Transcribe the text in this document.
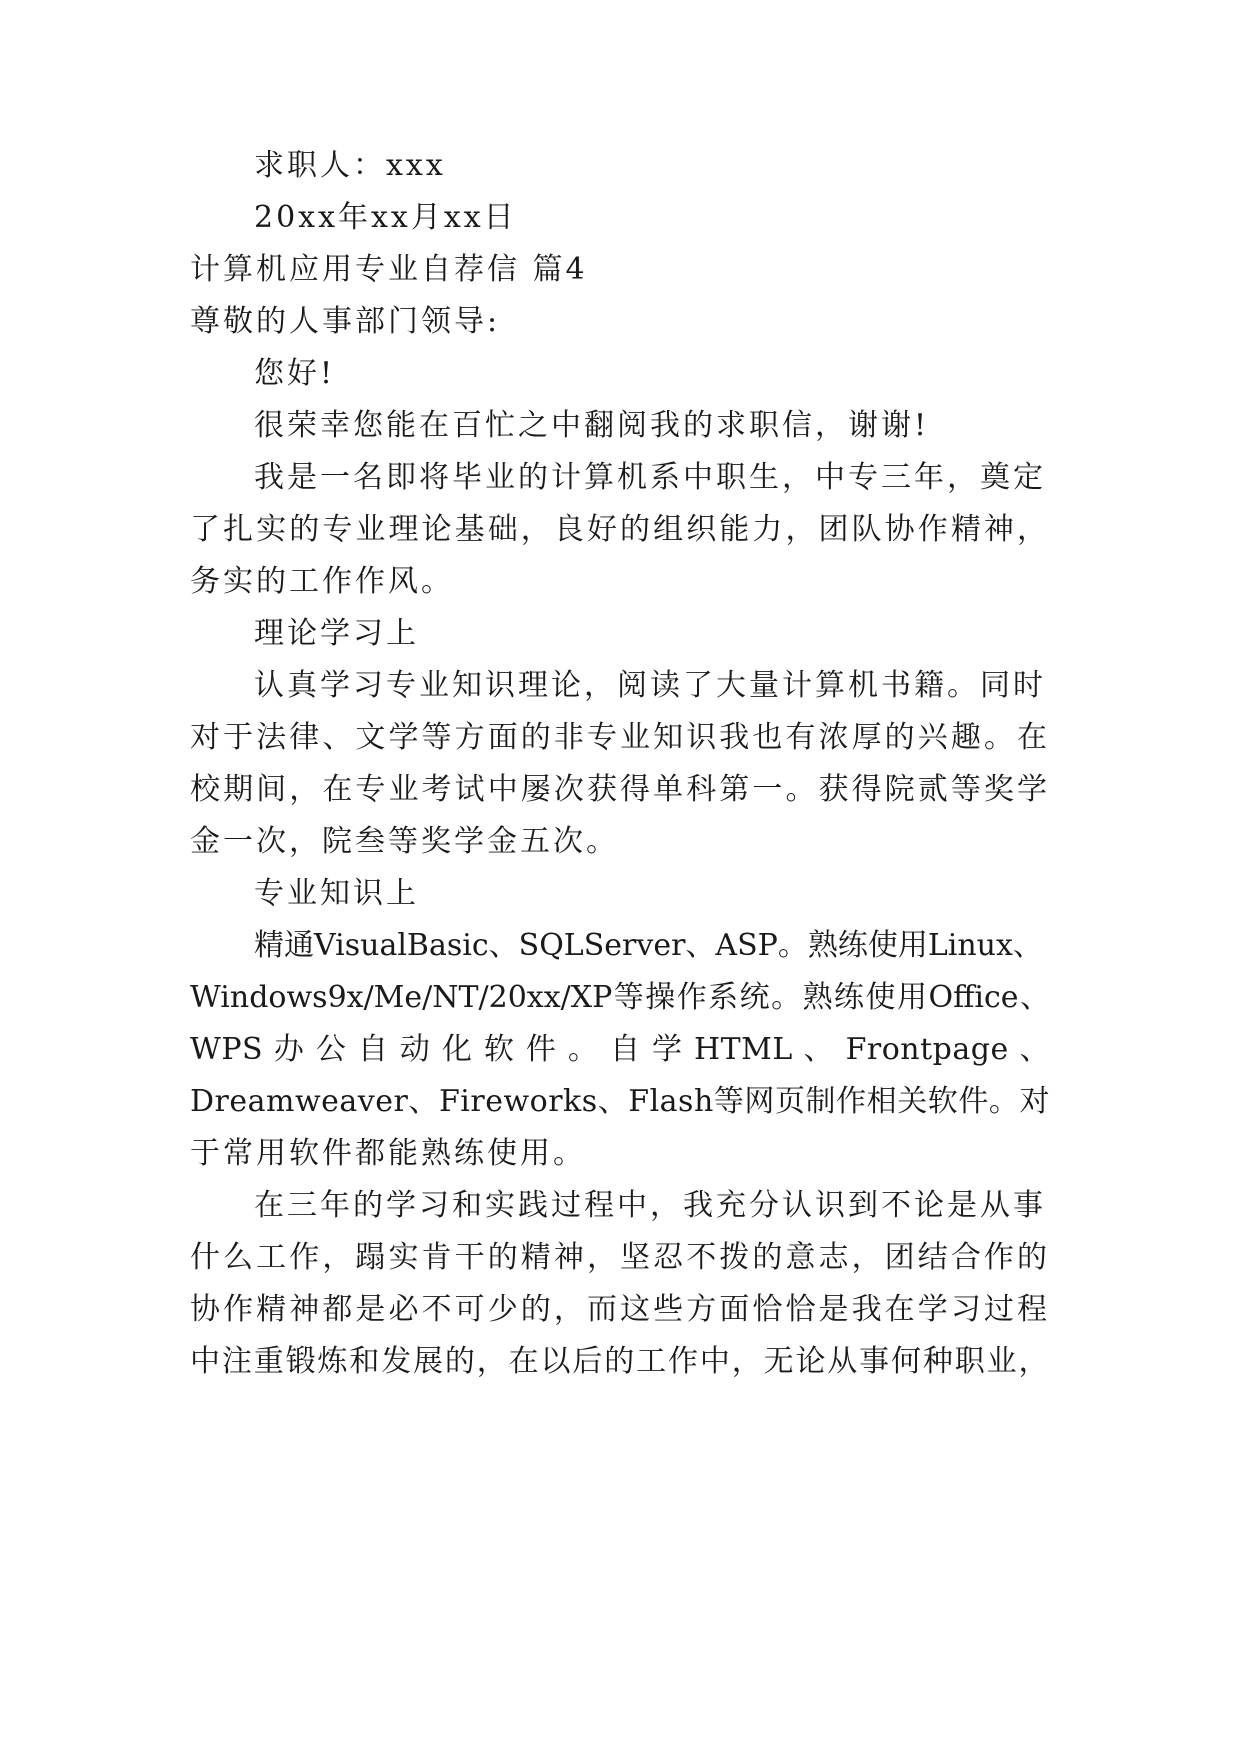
求职人：xxx
20xx年xx月xx日
计算机应用专业自荐信 篇4
尊敬的人事部门领导:
您好!
很荣幸您能在百忙之中翻阅我的求职信，谢谢!
我是一名即将毕业的计算机系中职生，中专三年，奠定
了扎实的专业理论基础，良好的组织能力，团队协作精神，
务实的工作作风。
理论学习上
认真学习专业知识理论，阅读了大量计算机书籍。同时
对于法律、文学等方面的非专业知识我也有浓厚的兴趣。在
校期间，在专业考试中屡次获得单科第一。获得院贰等奖学
金一次，院叁等奖学金五次。
专业知识上
精通VisualBasic、SQLServer、ASP。熟练使用Linux、
Windows9x/Me/NT/20xx/XP等操作系统。熟练使用Office、
WPS 办 公 自 动 化 软 件 。 自 学 HTML 、 Frontpage 、
Dreamweaver、Fireworks、Flash等网页制作相关软件。对
于常用软件都能熟练使用。
在三年的学习和实践过程中，我充分认识到不论是从事
什么工作，蹋实肯干的精神，坚忍不拨的意志，团结合作的
协作精神都是必不可少的，而这些方面恰恰是我在学习过程
中注重锻炼和发展的，在以后的工作中，无论从事何种职业，
